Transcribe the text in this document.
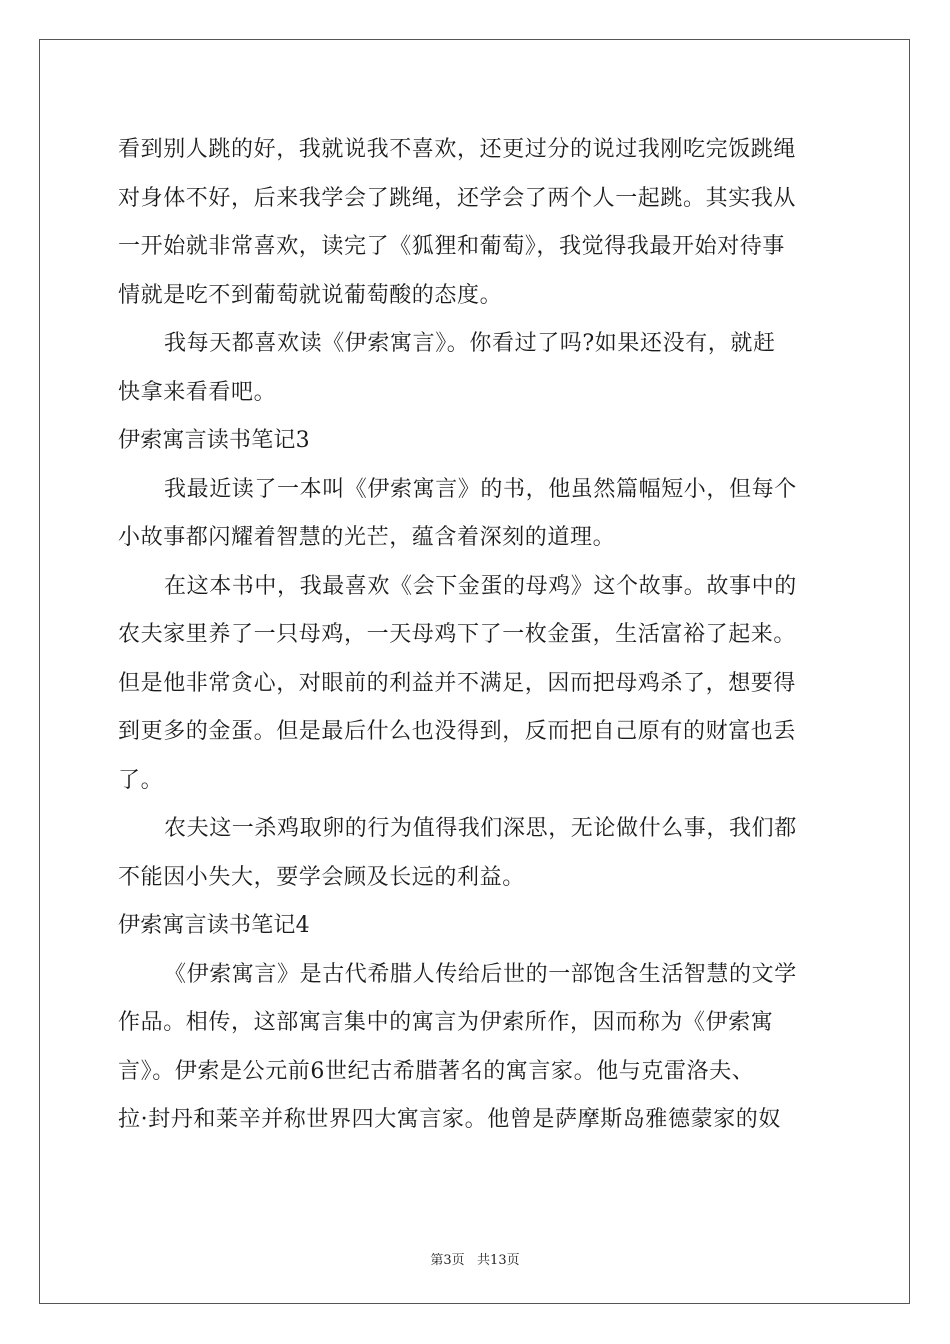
看到别人跳的好，我就说我不喜欢，还更过分的说过我刚吃完饭跳绳
对身体不好，后来我学会了跳绳，还学会了两个人一起跳。其实我从
一开始就非常喜欢，读完了《狐狸和葡萄》，我觉得我最开始对待事
情就是吃不到葡萄就说葡萄酸的态度。
我每天都喜欢读《伊索寓言》。你看过了吗?如果还没有，就赶
快拿来看看吧。
伊索寓言读书笔记3
我最近读了一本叫《伊索寓言》的书，他虽然篇幅短小，但每个
小故事都闪耀着智慧的光芒，蕴含着深刻的道理。
在这本书中，我最喜欢《会下金蛋的母鸡》这个故事。故事中的
农夫家里养了一只母鸡，一天母鸡下了一枚金蛋，生活富裕了起来。
但是他非常贪心，对眼前的利益并不满足，因而把母鸡杀了，想要得
到更多的金蛋。但是最后什么也没得到，反而把自己原有的财富也丢
了。
农夫这一杀鸡取卵的行为值得我们深思，无论做什么事，我们都
不能因小失大，要学会顾及长远的利益。
伊索寓言读书笔记4
《伊索寓言》是古代希腊人传给后世的一部饱含生活智慧的文学
作品。相传，这部寓言集中的寓言为伊索所作，因而称为《伊索寓
言》。伊索是公元前6世纪古希腊著名的寓言家。他与克雷洛夫、
拉·封丹和莱辛并称世界四大寓言家。他曾是萨摩斯岛雅德蒙家的奴
第3页   共13页
